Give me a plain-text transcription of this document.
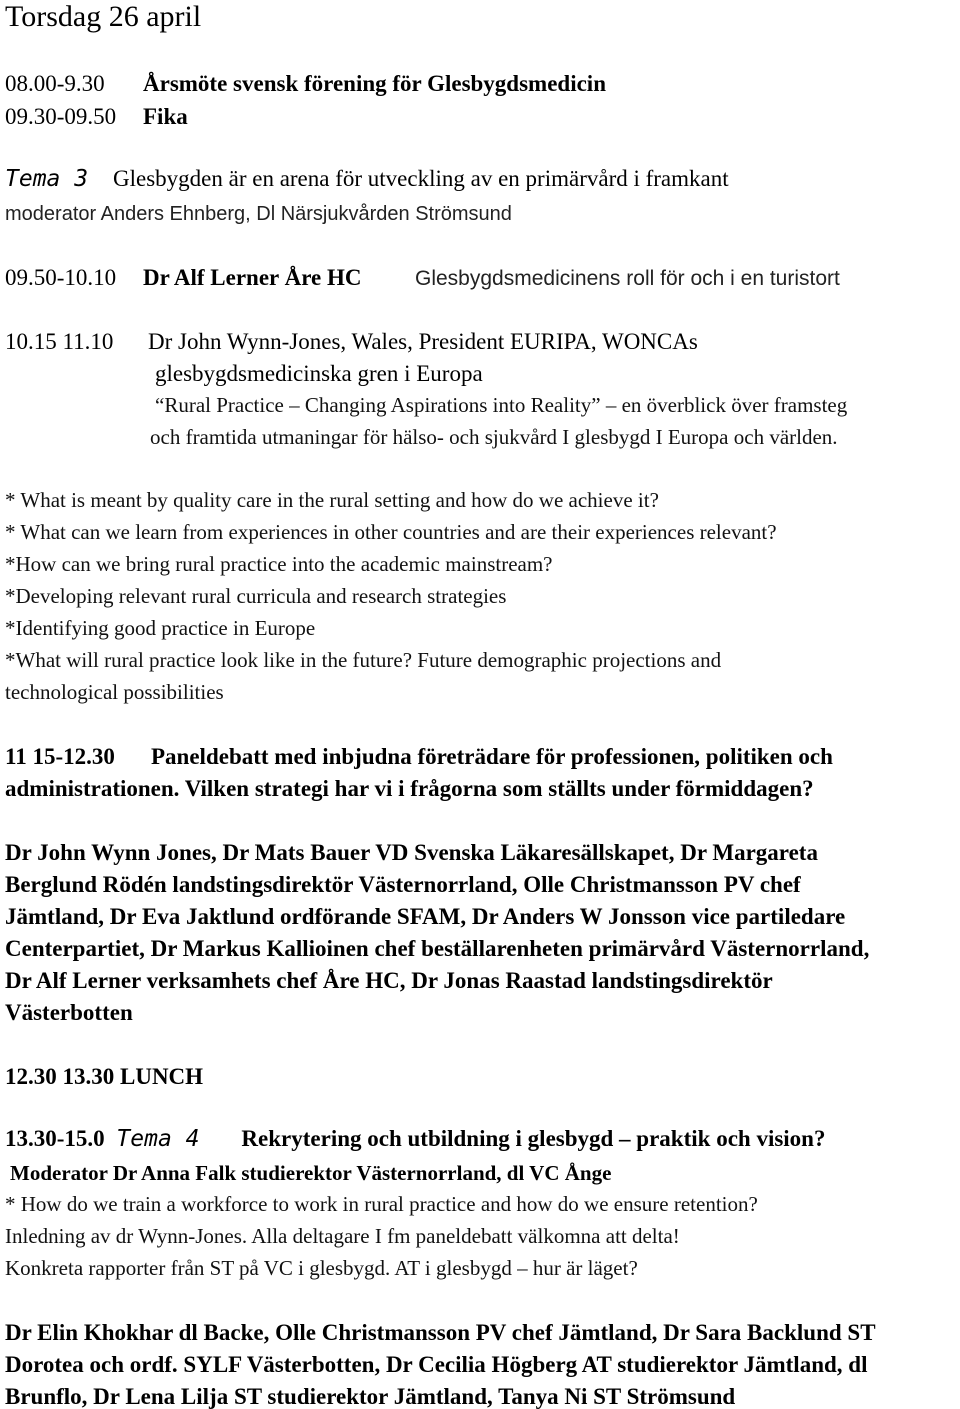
Torsdag 26 april
08.00-9.30 Årsmöte svensk förening för Glesbygdsmedicin
09.30-09.50 Fika
Tema 3 Glesbygden är en arena för utveckling av en primärvård i framkant
moderator Anders Ehnberg, Dl Närsjukvården Strömsund
09.50-10.10 Dr Alf Lerner Åre HC	Glesbygdsmedicinens roll för och i en turistort
10.15 11.10 Dr John Wynn-Jones, Wales, President EURIPA, WONCAs
glesbygdsmedicinska gren i Europa
“Rural Practice – Changing Aspirations into Reality” – en överblick över framsteg
och framtida utmaningar för hälso- och sjukvård I glesbygd I Europa och världen.
* What is meant by quality care in the rural setting and how do we achieve it?
* What can we learn from experiences in other countries and are their experiences relevant?
*How can we bring rural practice into the academic mainstream?
*Developing relevant rural curricula and research strategies
*Identifying good practice in Europe
*What will rural practice look like in the future? Future demographic projections and
technological possibilities
11 15-12.30 Paneldebatt med inbjudna företrädare för professionen, politiken och
administrationen. Vilken strategi har vi i frågorna som ställts under förmiddagen?
Dr John Wynn Jones, Dr Mats Bauer VD Svenska Läkaresällskapet, Dr Margareta
Berglund Rödén landstingsdirektör Västernorrland, Olle Christmansson PV chef
Jämtland, Dr Eva Jaktlund ordförande SFAM, Dr Anders W Jonsson vice partiledare
Centerpartiet, Dr Markus Kallioinen chef beställarenheten primärvård Västernorrland,
Dr Alf Lerner verksamhets chef Åre HC, Dr Jonas Raastad landstingsdirektör
Västerbotten
12.30 13.30 LUNCH
13.30-15.0 Tema 4 Rekrytering och utbildning i glesbygd – praktik och vision?
Moderator Dr Anna Falk studierektor Västernorrland, dl VC Ånge
* How do we train a workforce to work in rural practice and how do we ensure retention?
Inledning av dr Wynn-Jones. Alla deltagare I fm paneldebatt välkomna att delta!
Konkreta rapporter från ST på VC i glesbygd. AT i glesbygd – hur är läget?
Dr Elin Khokhar dl Backe, Olle Christmansson PV chef Jämtland, Dr Sara Backlund ST
Dorotea och ordf. SYLF Västerbotten, Dr Cecilia Högberg AT studierektor Jämtland, dl
Brunflo, Dr Lena Lilja ST studierektor Jämtland, Tanya Ni ST Strömsund
